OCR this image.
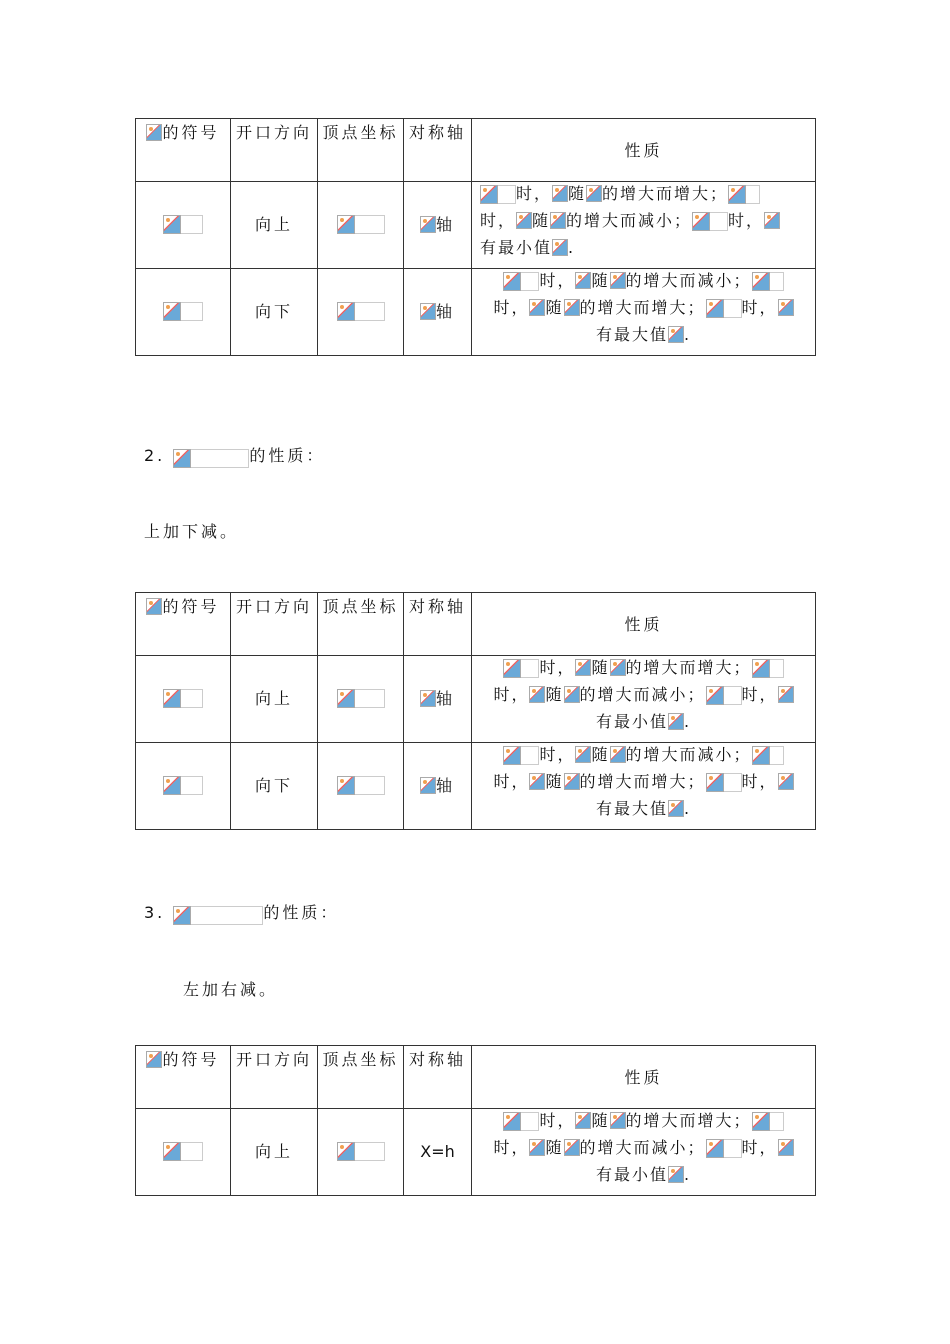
的符号	开口方向	顶点坐标	对称轴	性质
	向上		轴	时， 随 的增大而增大；
时， 随 的增大而减小； 时，
有最小值 .
	向下		轴	时， 随 的增大而减小；
时， 随 的增大而增大； 时，
有最大值 .
2.	的性质：
上加下减。
的符号	开口方向	顶点坐标	对称轴	性质
	向上		轴	时， 随 的增大而增大；
时， 随 的增大而减小； 时，
有最小值 .
	向下		轴	时， 随 的增大而减小；
时， 随 的增大而增大； 时，
有最大值 .
3.	的性质：
左加右减。
的符号	开口方向	顶点坐标	对称轴	性质
	向上		X=h	时， 随 的增大而增大；
时， 随 的增大而减小； 时，
有最小值 .
